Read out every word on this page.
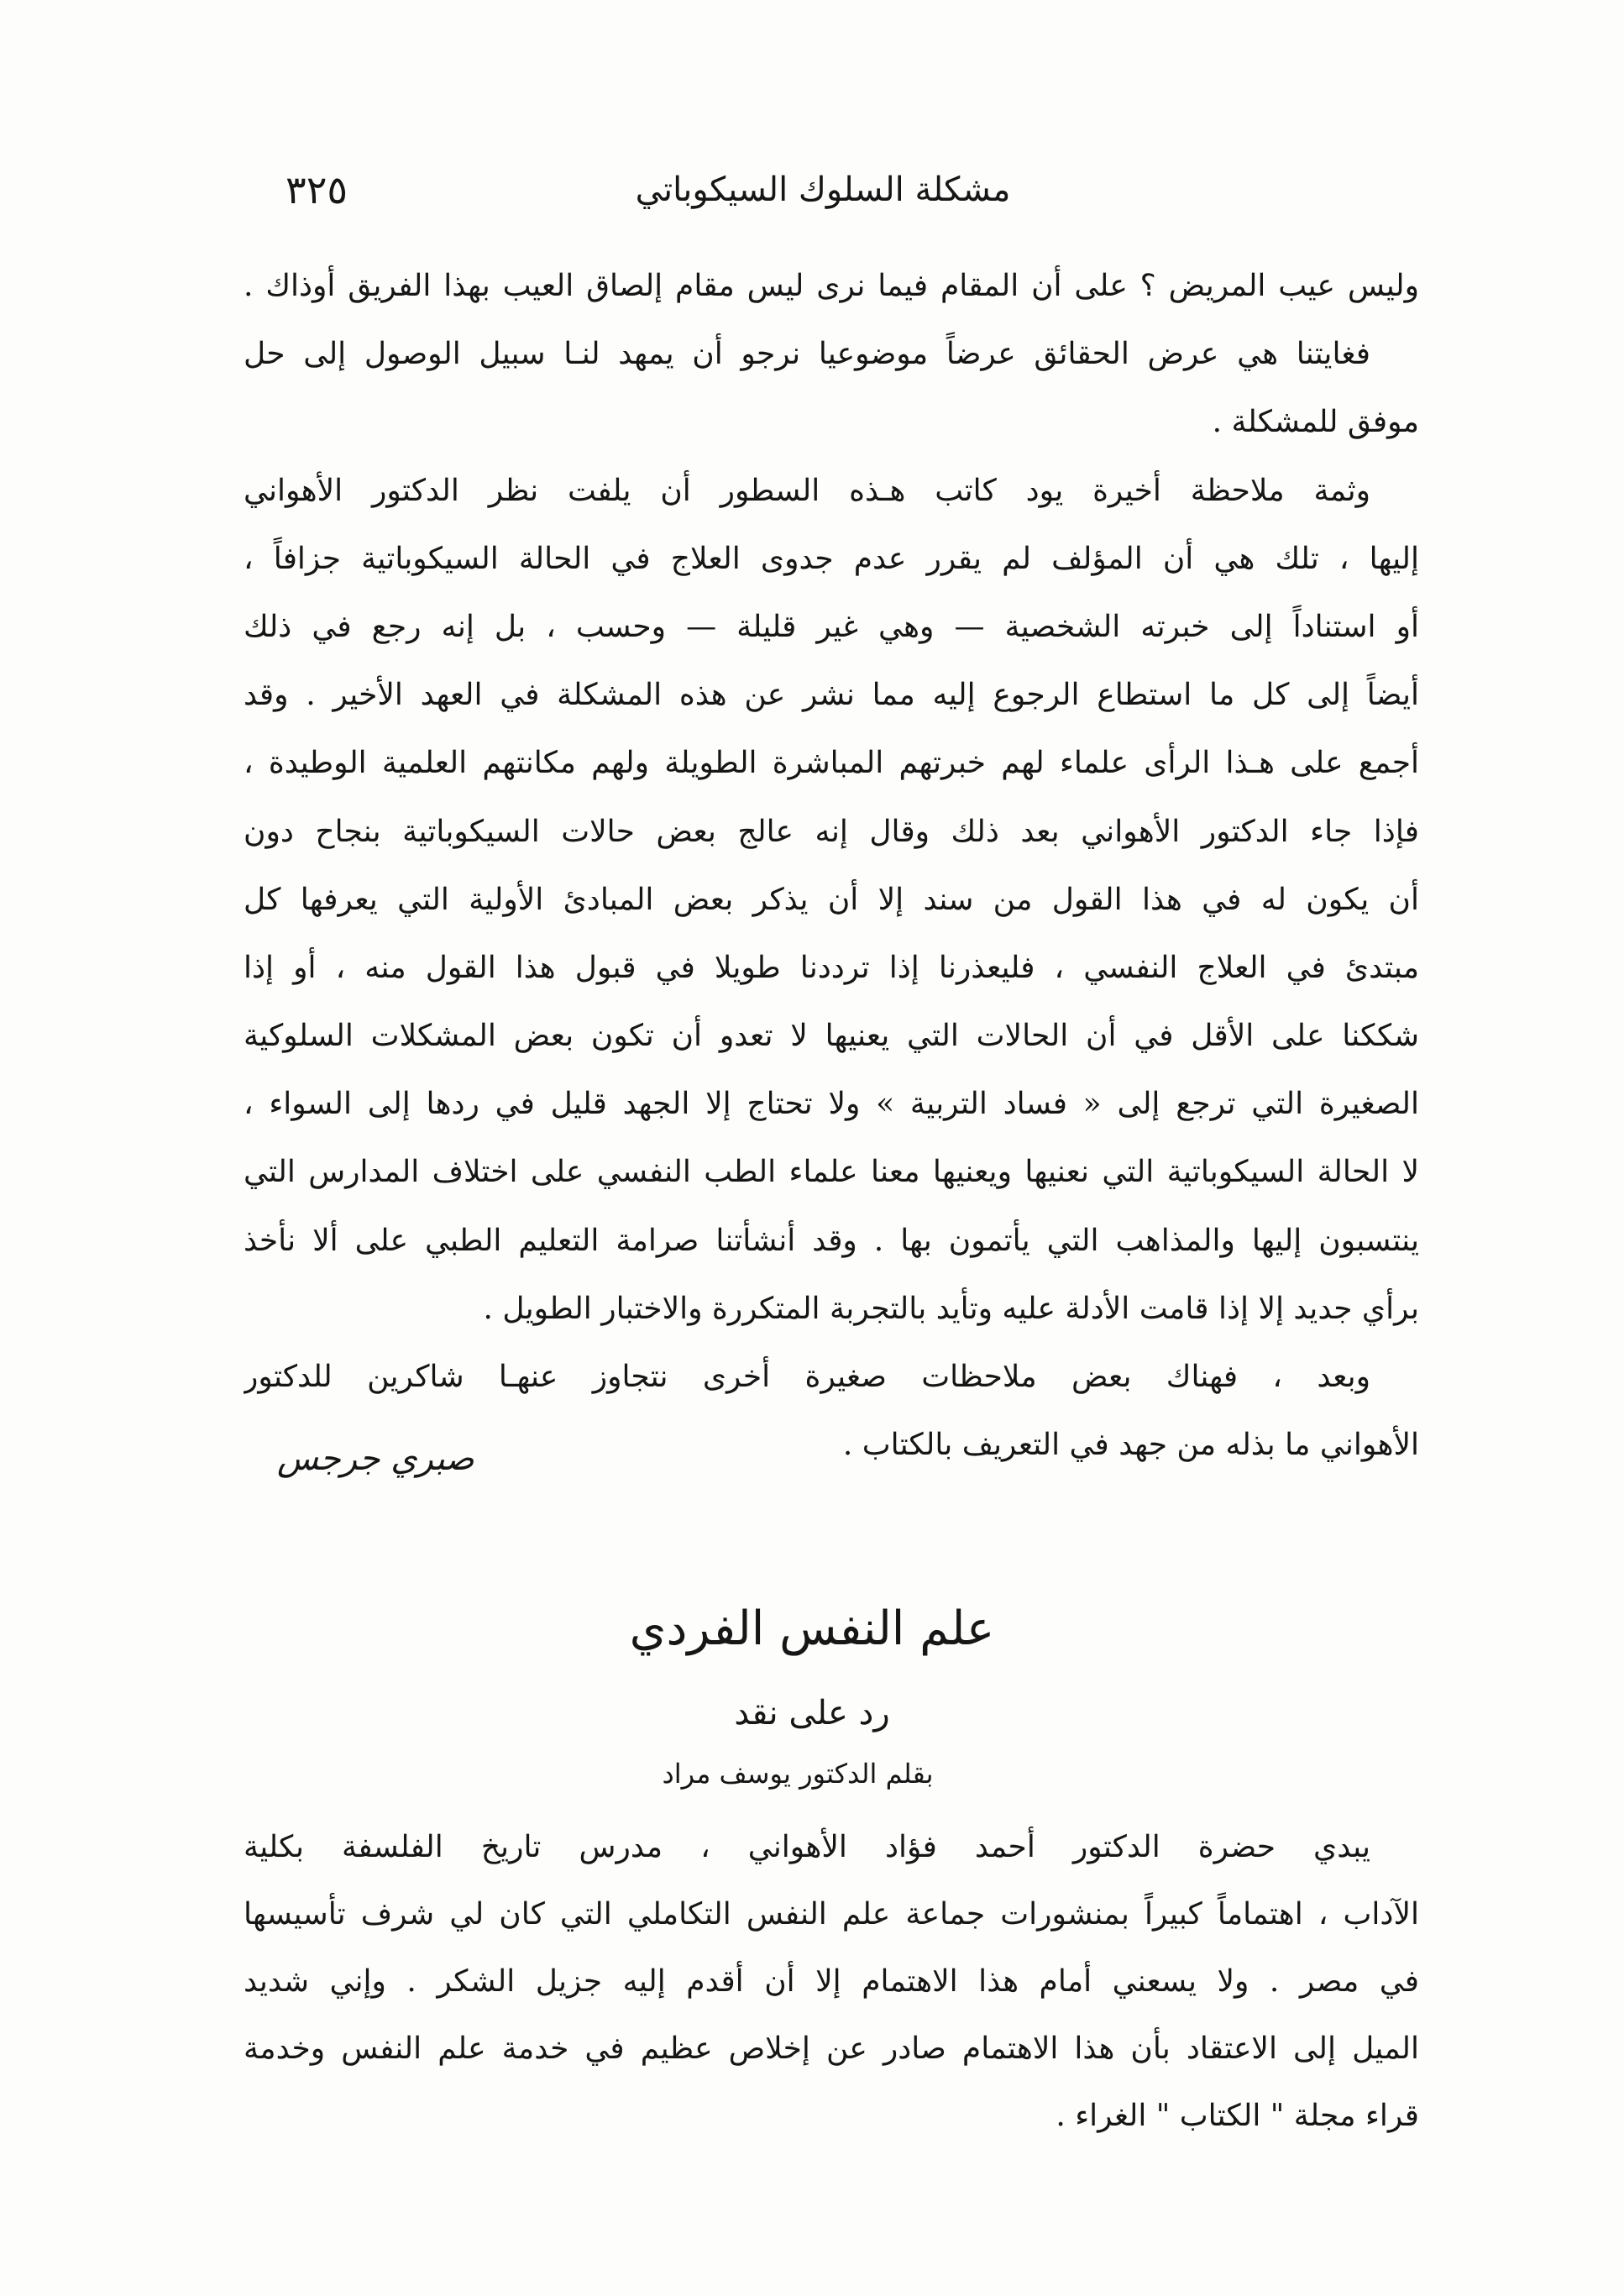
مشكلة السلوك السيكوباتي
٣٢٥
وليس عيب المريض ؟ على أن المقام فيما نرى ليس مقام إلصاق العيب بهذا الفريق أوذاك .
فغايتنا هي عرض الحقائق عرضاً موضوعيا نرجو أن يمهد لنـا سبيل الوصول إلى حل
موفق للمشكلة .
وثمة ملاحظة أخيرة يود كاتب هـذه السطور أن يلفت نظر الدكتور الأهواني
إليها ، تلك هي أن المؤلف لم يقرر عدم جدوى العلاج في الحالة السيكوباتية جزافاً ،
أو استناداً إلى خبرته الشخصية — وهي غير قليلة — وحسب ، بل إنه رجع في ذلك
أيضاً إلى كل ما استطاع الرجوع إليه مما نشر عن هذه المشكلة في العهد الأخير . وقد
أجمع على هـذا الرأى علماء لهم خبرتهم المباشرة الطويلة ولهم مكانتهم العلمية الوطيدة ،
فإذا جاء الدكتور الأهواني بعد ذلك وقال إنه عالج بعض حالات السيكوباتية بنجاح دون
أن يكون له في هذا القول من سند إلا أن يذكر بعض المبادئ الأولية التي يعرفها كل
مبتدئ في العلاج النفسي ، فليعذرنا إذا ترددنا طويلا في قبول هذا القول منه ، أو إذا
شككنا على الأقل في أن الحالات التي يعنيها لا تعدو أن تكون بعض المشكلات السلوكية
الصغيرة التي ترجع إلى « فساد التربية » ولا تحتاج إلا الجهد قليل في ردها إلى السواء ،
لا الحالة السيكوباتية التي نعنيها ويعنيها معنا علماء الطب النفسي على اختلاف المدارس التي
ينتسبون إليها والمذاهب التي يأتمون بها . وقد أنشأتنا صرامة التعليم الطبي على ألا نأخذ
برأي جديد إلا إذا قامت الأدلة عليه وتأيد بالتجربة المتكررة والاختبار الطويل .
وبعد ، فهناك بعض ملاحظات صغيرة أخرى نتجاوز عنهـا شاكرين للدكتور
الأهواني ما بذله من جهد في التعريف بالكتاب .
صبري جرجس
علم النفس الفردي
رد على نقد
بقلم الدكتور يوسف مراد
يبدي حضرة الدكتور أحمد فؤاد الأهواني ، مدرس تاريخ الفلسفة بكلية
الآداب ، اهتماماً كبيراً بمنشورات جماعة علم النفس التكاملي التي كان لي شرف تأسيسها
في مصر . ولا يسعني أمام هذا الاهتمام إلا أن أقدم إليه جزيل الشكر . وإني شديد
الميل إلى الاعتقاد بأن هذا الاهتمام صادر عن إخلاص عظيم في خدمة علم النفس وخدمة
قراء مجلة " الكتاب " الغراء .
